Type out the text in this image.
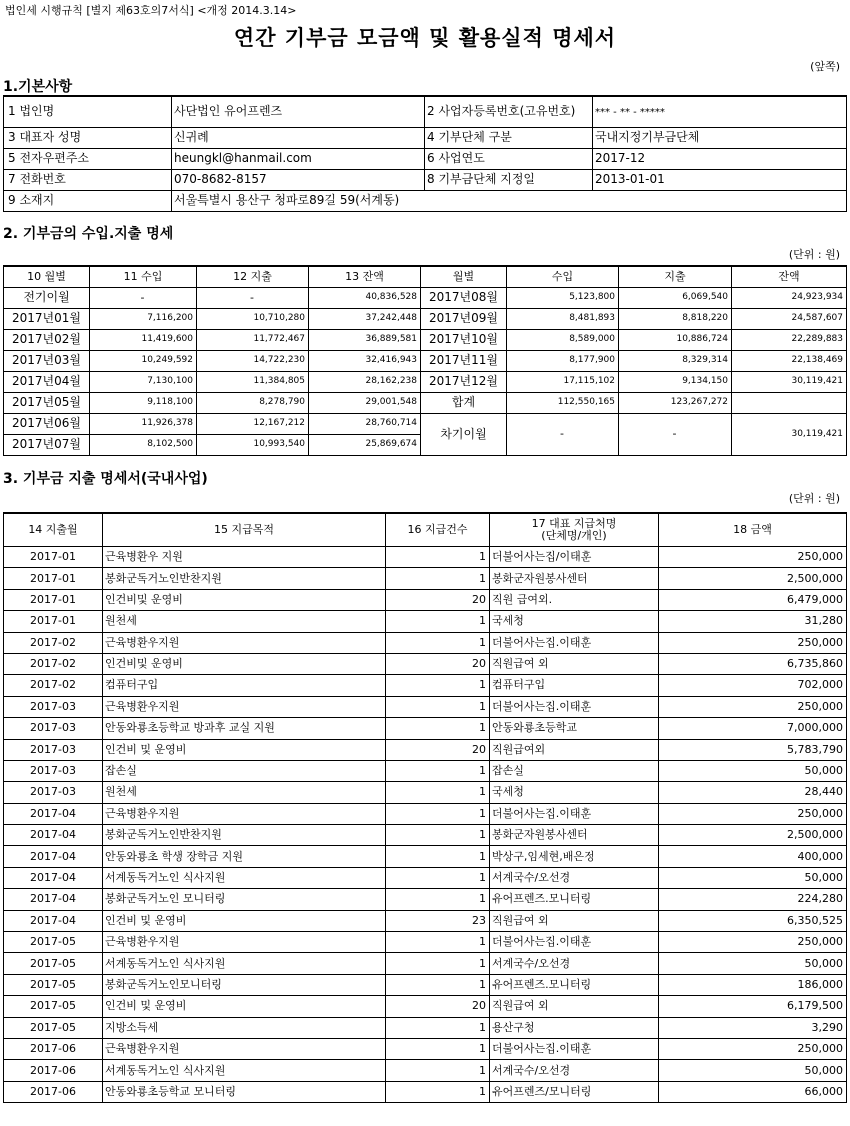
법인세 시행규칙 [별지 제63호의7서식] <개정 2014.3.14>
연간 기부금 모금액 및 활용실적 명세서
(앞쪽)
1.기본사항
1 법인명	사단법인 유어프렌즈	2 사업자등록번호(고유번호)	*** - ** - *****
3 대표자 성명	신귀례	4 기부단체 구분	국내지정기부금단체
5 전자우편주소	heungkl@hanmail.com	6 사업연도	2017-12
7 전화번호	070-8682-8157	8 기부금단체 지정일	2013-01-01
9 소재지	서울특별시 용산구 청파로89길 59(서계동)		
2. 기부금의 수입.지출 명세
(단위 : 원)
10 월별	11 수입	12 지출	13 잔액	월별	수입	지출	잔액
전기이월	-	-	40,836,528	2017년08월	5,123,800	6,069,540	24,923,934
2017년01월	7,116,200	10,710,280	37,242,448	2017년09월	8,481,893	8,818,220	24,587,607
2017년02월	11,419,600	11,772,467	36,889,581	2017년10월	8,589,000	10,886,724	22,289,883
2017년03월	10,249,592	14,722,230	32,416,943	2017년11월	8,177,900	8,329,314	22,138,469
2017년04월	7,130,100	11,384,805	28,162,238	2017년12월	17,115,102	9,134,150	30,119,421
2017년05월	9,118,100	8,278,790	29,001,548	합계	112,550,165	123,267,272	
2017년06월	11,926,378	12,167,212	28,760,714	차기이월	-	-	30,119,421
2017년07월	8,102,500	10,993,540	25,869,674				
3. 기부금 지출 명세서(국내사업)
(단위 : 원)
14 지출월	15 지급목적	16 지급건수	17 대표 지급처명
(단체명/개인)	18 금액
2017-01	근육병환우 지원	1	더불어사는집/이태훈	250,000
2017-01	봉화군독거노인반찬지원	1	봉화군자원봉사센터	2,500,000
2017-01	인건비및 운영비	20	직원 급여외.	6,479,000
2017-01	원천세	1	국세청	31,280
2017-02	근육병환우지원	1	더불어사는집.이태훈	250,000
2017-02	인건비및 운영비	20	직원급여 외	6,735,860
2017-02	컴퓨터구입	1	컴퓨터구입	702,000
2017-03	근육병환우지원	1	더불어사는집.이태훈	250,000
2017-03	안동와룡초등학교 방과후 교실 지원	1	안동와룡초등학교	7,000,000
2017-03	인건비 및 운영비	20	직원급여외	5,783,790
2017-03	잡손실	1	잡손실	50,000
2017-03	원천세	1	국세청	28,440
2017-04	근육병환우지원	1	더불어사는집.이태훈	250,000
2017-04	봉화군독거노인반찬지원	1	봉화군자원봉사센터	2,500,000
2017-04	안동와룡초 학생 장학금 지원	1	박상구,임세현,배은정	400,000
2017-04	서계동독거노인 식사지원	1	서계국수/오선경	50,000
2017-04	봉화군독거노인 모니터링	1	유어프렌즈.모니터링	224,280
2017-04	인건비 및 운영비	23	직원급여 외	6,350,525
2017-05	근육병환우지원	1	더불어사는집.이태훈	250,000
2017-05	서계동독거노인 식사지원	1	서계국수/오선경	50,000
2017-05	봉화군독거노인모니터링	1	유어프렌즈.모니터링	186,000
2017-05	인건비 및 운영비	20	직원급여 외	6,179,500
2017-05	지방소득세	1	용산구청	3,290
2017-06	근육병환우지원	1	더불어사는집.이태훈	250,000
2017-06	서계동독거노인 식사지원	1	서계국수/오선경	50,000
2017-06	안동와룡초등학교 모니터링	1	유어프렌즈/모니터링	66,000
